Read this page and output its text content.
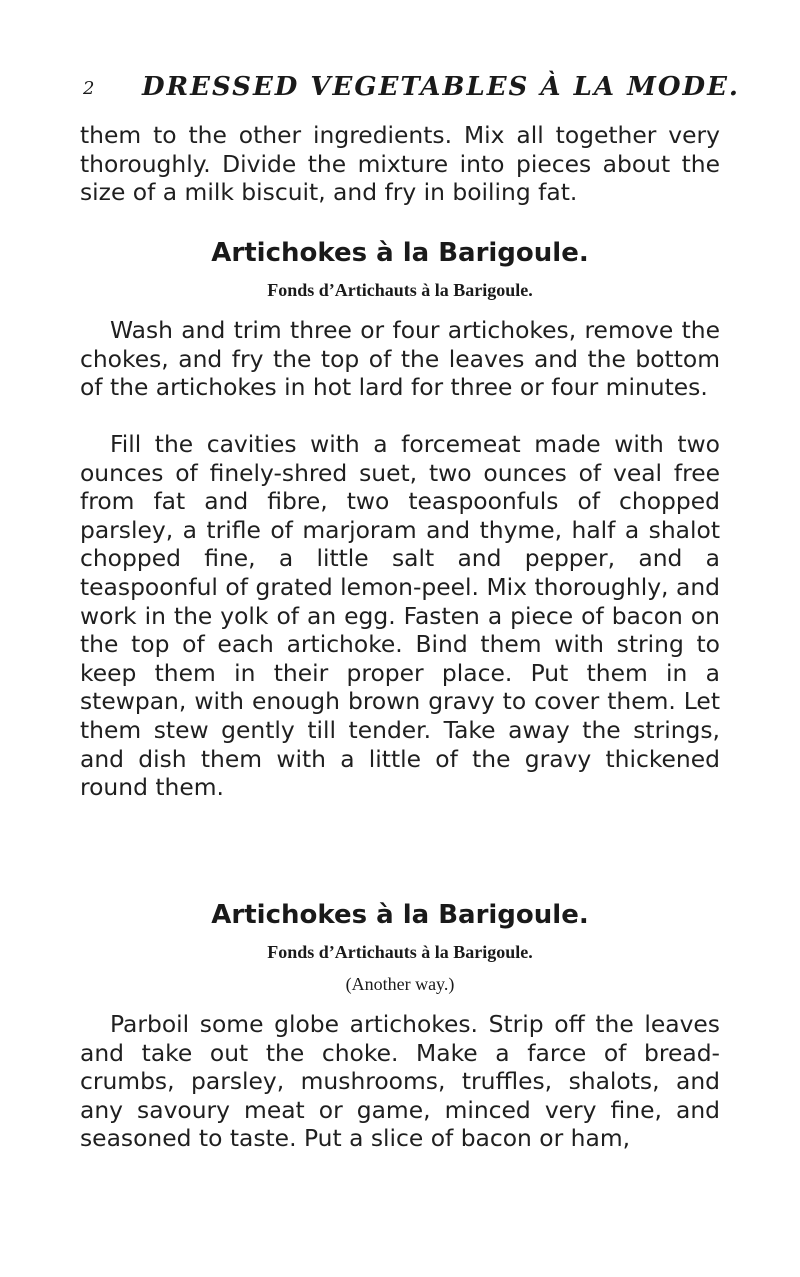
2 DRESSED VEGETABLES À LA MODE.

them to the other ingredients. Mix all together very thoroughly. Divide the mixture into pieces about the size of a milk biscuit, and fry in boiling fat.

Artichokes à la Barigoule.
Fonds d’Artichauts à la Barigoule.

Wash and trim three or four artichokes, remove the chokes, and fry the top of the leaves and the bottom of the artichokes in hot lard for three or four minutes.

Fill the cavities with a forcemeat made with two ounces of finely-shred suet, two ounces of veal free from fat and fibre, two teaspoonfuls of chopped parsley, a trifle of marjoram and thyme, half a shalot chopped fine, a little salt and pepper, and a teaspoonful of grated lemon-peel. Mix thoroughly, and work in the yolk of an egg. Fasten a piece of bacon on the top of each artichoke. Bind them with string to keep them in their proper place. Put them in a stewpan, with enough brown gravy to cover them. Let them stew gently till tender. Take away the strings, and dish them with a little of the gravy thickened round them.

Artichokes à la Barigoule.
Fonds d’Artichauts à la Barigoule.

(Another way.)

Parboil some globe artichokes. Strip off the leaves and take out the choke. Make a farce of bread-crumbs, parsley, mushrooms, truffles, shalots, and any savoury meat or game, minced very fine, and seasoned to taste. Put a slice of bacon or ham,
